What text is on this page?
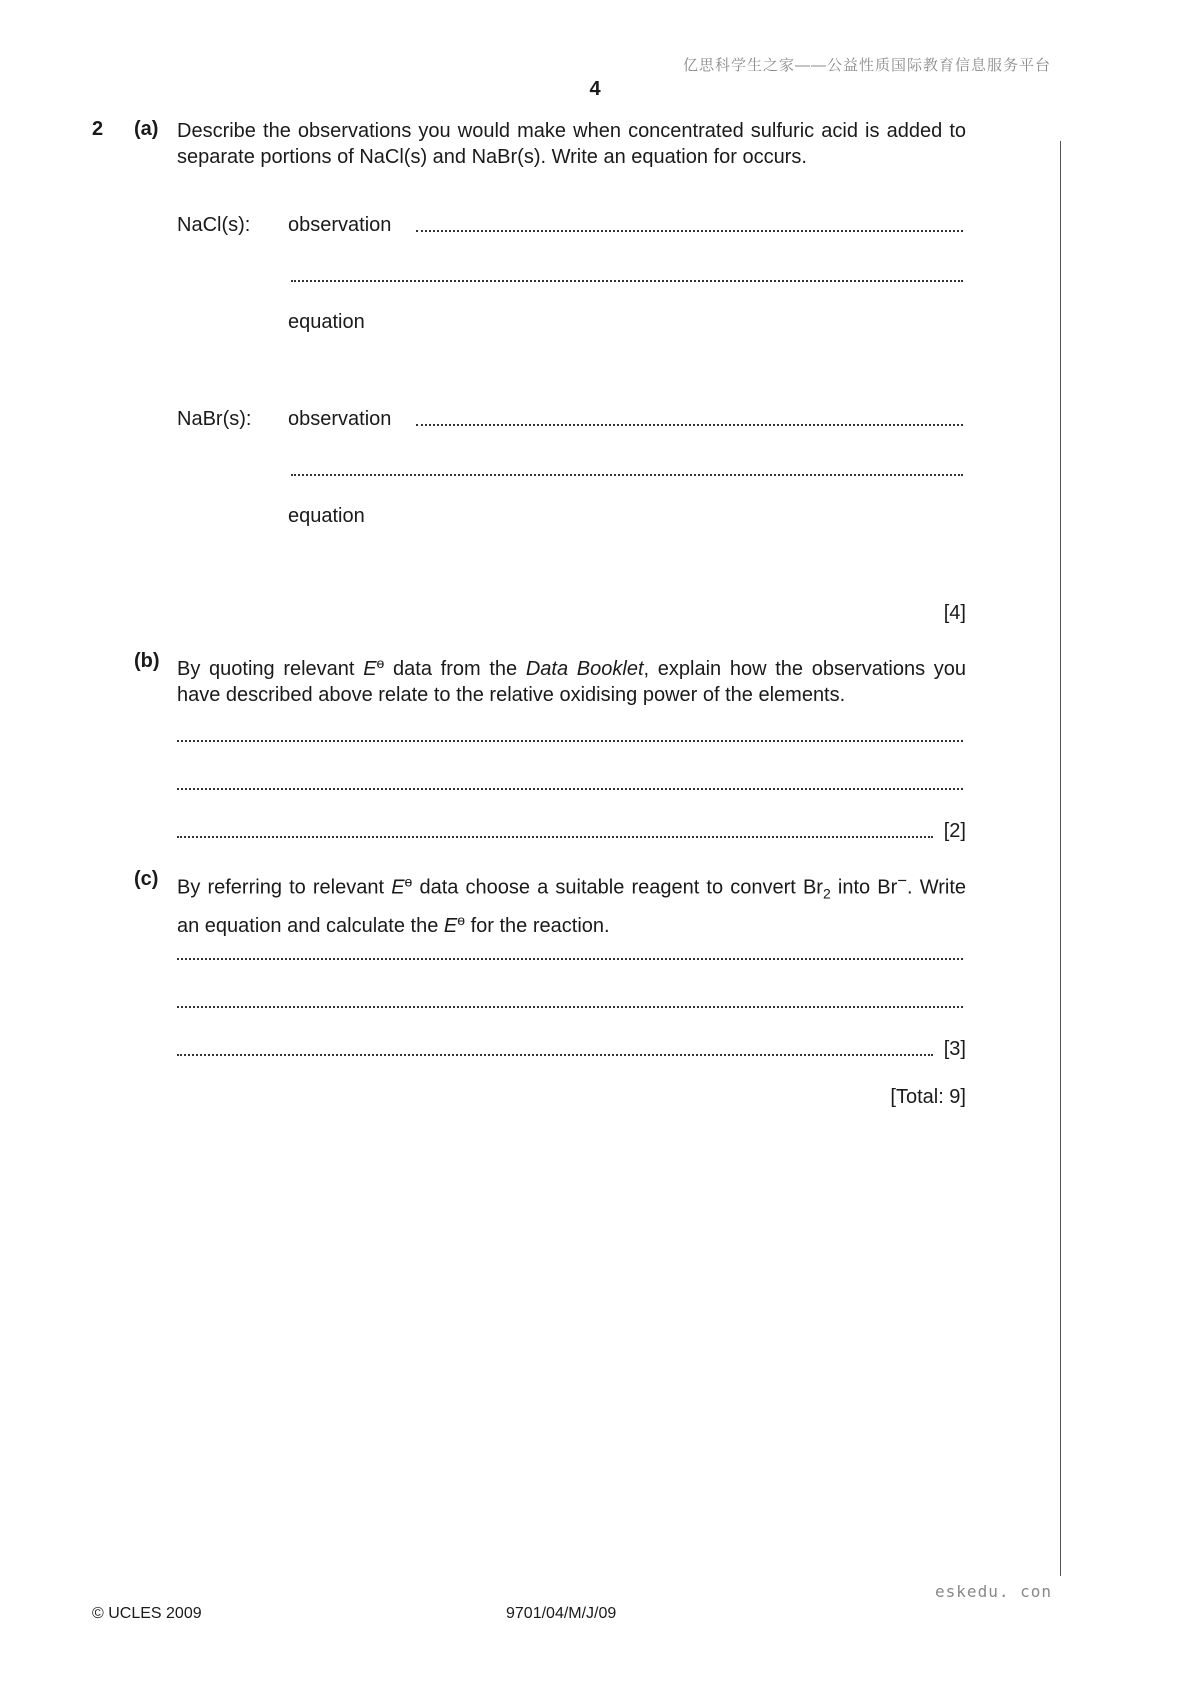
亿思科学生之家——公益性质国际教育信息服务平台
4
2 (a) Describe the observations you would make when concentrated sulfuric acid is added to separate portions of NaCl(s) and NaBr(s). Write an equation for occurs.
NaCl(s): observation
equation
NaBr(s): observation
equation
[4]
(b) By quoting relevant $E^ɵ$ data from the Data Booklet, explain how the observations you have described above relate to the relative oxidising power of the elements.
[2]
(c) By referring to relevant $E^ɵ$ data choose a suitable reagent to convert $Br_2$ into Br−. Write an equation and calculate the $E^ɵ$ for the reaction.
[3]
[Total: 9]
eskedu. con
© UCLES 2009	9701/04/M/J/09
